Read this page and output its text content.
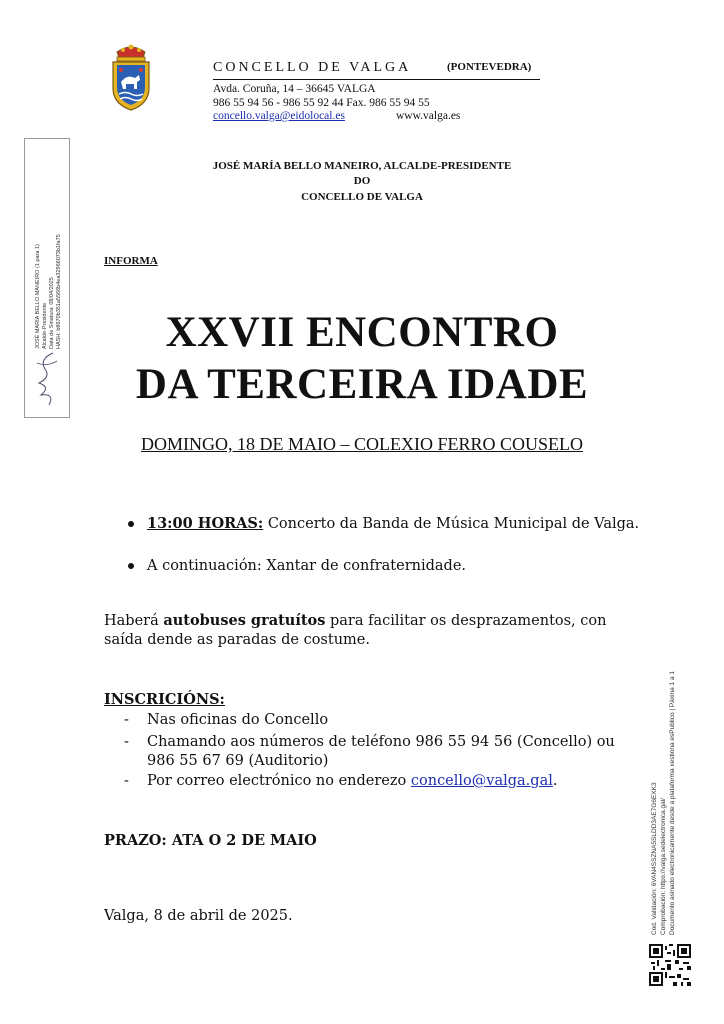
CONCELLO DE VALGA	(PONTEVEDRA)
Avda. Coruña, 14 – 36645 VALGA
986 55 94 56 - 986 55 92 44 Fax. 986 55 94 55
concello.valga@eidolocal.es	www.valga.es
JOSÉ MARÍA BELLO MANEIRO (1 para 1) Alcalde-Presidente Data de Sinatura: 08/04/2025 HASH: b8670b351a5566b4ea32966073b1fa75
JOSÉ MARÍA BELLO MANEIRO, ALCALDE-PRESIDENTE
DO
CONCELLO DE VALGA
INFORMA
XXVII ENCONTRO
DA TERCEIRA IDADE
DOMINGO, 18 DE MAIO – COLEXIO FERRO COUSELO
13:00 HORAS: Concerto da Banda de Música Municipal de Valga.
A continuación: Xantar de confraternidade.
Haberá autobuses gratuítos para facilitar os desprazamentos, con
saída dende as paradas de costume.
INSCRICIÓNS:
- Nas oficinas do Concello
- Chamando aos números de teléfono 986 55 94 56 (Concello) ou
986 55 67 69 (Auditorio)
- Por correo electrónico no enderezo concello@valga.gal.
PRAZO: ATA O 2 DE MAIO
Valga, 8 de abril de 2025.	Cod. Validación: 6VAN4SSZNA5SLDD3AE7G6EXK3 Comprobación: https://valga.sedelectronica.gal/ Documento asinado electronicamente desde a plataforma xestiona esPublico | Páxina 1 a 1
